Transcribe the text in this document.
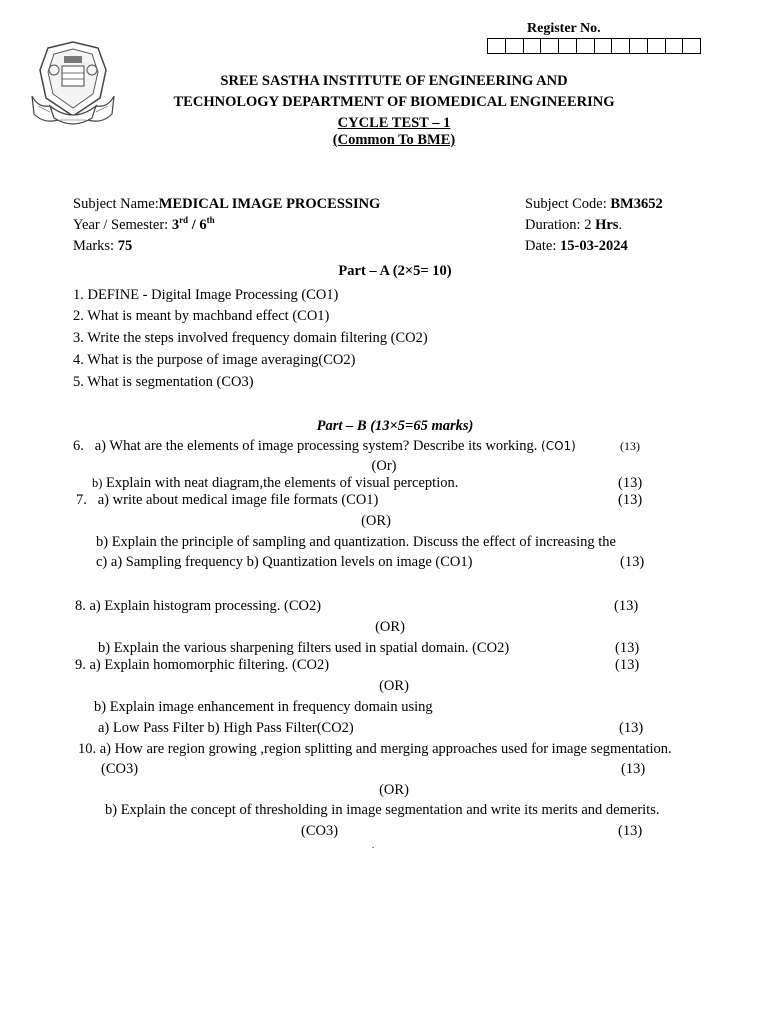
Register No.
SREE SASTHA INSTITUTE OF ENGINEERING AND
TECHNOLOGY DEPARTMENT OF BIOMEDICAL ENGINEERING
CYCLE TEST – 1
(Common To BME)
Subject Name:MEDICAL IMAGE PROCESSING
Year / Semester: 3rd / 6th
Marks: 75
Subject Code: BM3652
Duration: 2 Hrs.
Date: 15-03-2024
Part – A (2×5= 10)
1. DEFINE - Digital Image Processing (CO1)
2. What is meant by machband effect (CO1)
3. Write the steps involved frequency domain filtering (CO2)
4. What is the purpose of image averaging(CO2)
5. What is segmentation (CO3)
Part – B (13×5=65 marks)
6. a) What are the elements of image processing system? Describe its working. (CO1)	(13)
(Or)
b) Explain with neat diagram,the elements of visual perception.	(13)
7. a) write about medical image file formats (CO1)	(13)
(OR)
b) Explain the principle of sampling and quantization. Discuss the effect of increasing the
c) a) Sampling frequency b) Quantization levels on image (CO1)	(13)
8. a) Explain histogram processing. (CO2)	(13)
(OR)
b) Explain the various sharpening filters used in spatial domain. (CO2)	(13)
9. a) Explain homomorphic filtering. (CO2)	(13)
(OR)
b) Explain image enhancement in frequency domain using
a) Low Pass Filter b) High Pass Filter(CO2)	(13)
10. a) How are region growing ,region splitting and merging approaches used for image segmentation.
(CO3)	(13)
(OR)
b) Explain the concept of thresholding in image segmentation and write its merits and demerits.
(CO3)	(13)
.
